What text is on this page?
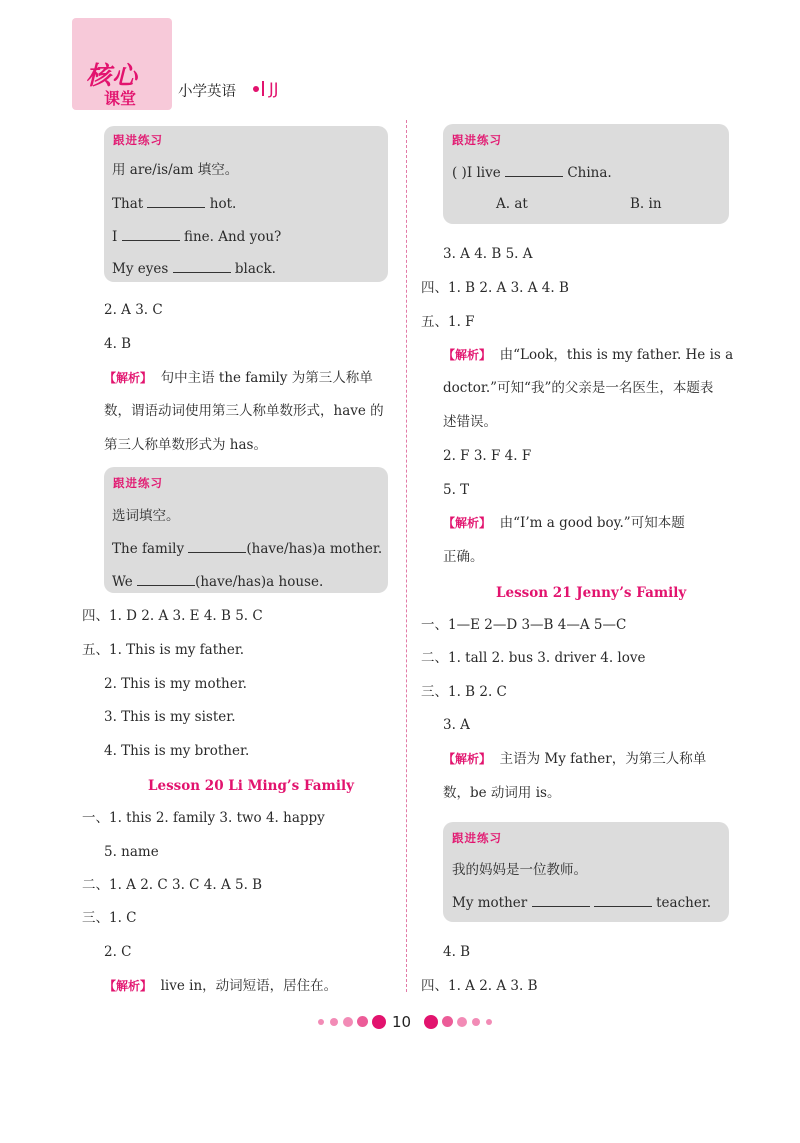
核心
课堂	小学英语 JJ
跟进练习
用 are/is/am 填空。
That	hot.
I	fine. And you?
My eyes	black.
2. A 3. C
4. B
【解析】 句中主语 the family 为第三人称单
数，谓语动词使用第三人称单数形式，have 的
第三人称单数形式为 has。
跟进练习
选词填空。
The family	(have/has)a mother.
We	(have/has)a house.
四、1. D 2. A 3. E 4. B 5. C
五、1. This is my father.
2. This is my mother.
3. This is my sister.
4. This is my brother.
Lesson 20 Li Ming’s Family
一、1. this 2. family 3. two 4. happy
5. name
二、1. A 2. C 3. C 4. A 5. B
三、1. C
2. C
【解析】 live in，动词短语，居住在。
跟进练习
( )I live	China.
A. at	B. in
3. A 4. B 5. A
四、1. B 2. A 3. A 4. B
五、1. F
【解析】 由“Look，this is my father. He is a
doctor.”可知“我”的父亲是一名医生，本题表
述错误。
2. F 3. F 4. F
5. T
【解析】 由“I’m a good boy.”可知本题
正确。
Lesson 21 Jenny’s Family
一、1—E 2—D 3—B 4—A 5—C
二、1. tall 2. bus 3. driver 4. love
三、1. B 2. C
3. A
【解析】 主语为 My father，为第三人称单
数，be 动词用 is。
跟进练习
我的妈妈是一位教师。
My mother	teacher.
4. B
四、1. A 2. A 3. B
10
